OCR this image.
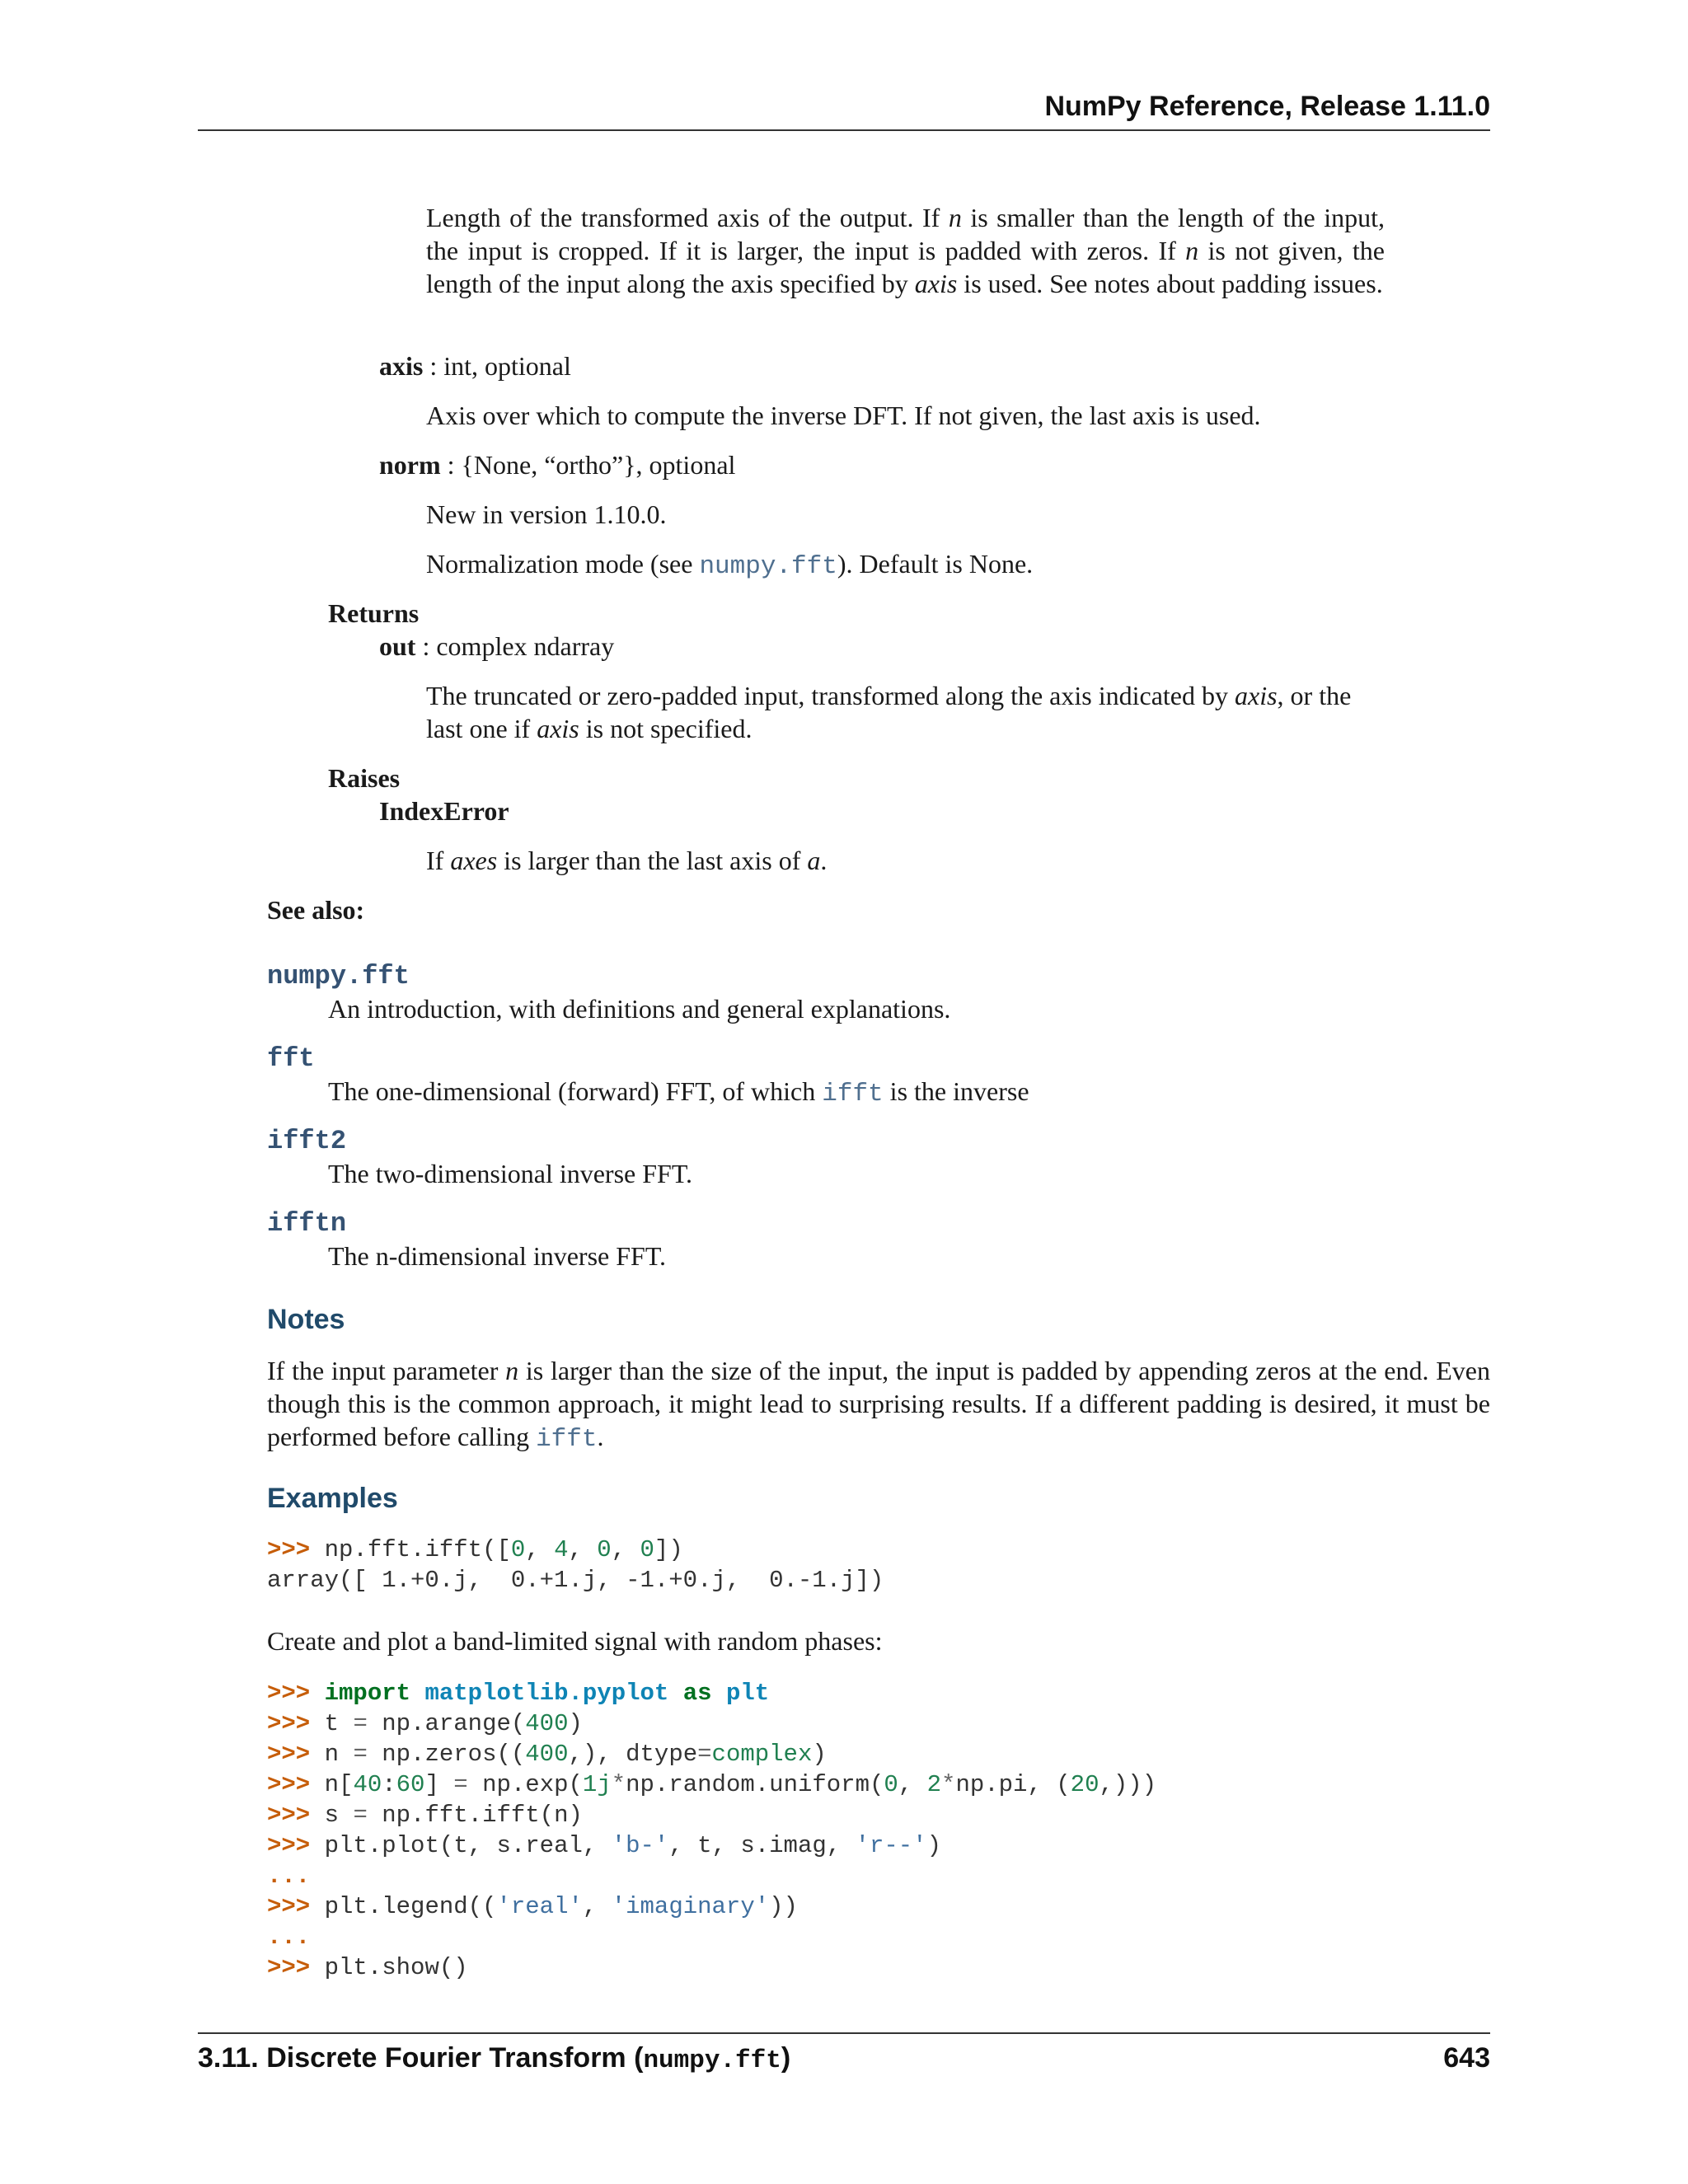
NumPy Reference, Release 1.11.0
Length of the transformed axis of the output. If n is smaller than the length of the input, the input is cropped. If it is larger, the input is padded with zeros. If n is not given, the length of the input along the axis specified by axis is used. See notes about padding issues.
axis : int, optional
Axis over which to compute the inverse DFT. If not given, the last axis is used.
norm : {None, “ortho”}, optional
New in version 1.10.0.
Normalization mode (see numpy.fft). Default is None.
Returns
out : complex ndarray
The truncated or zero-padded input, transformed along the axis indicated by axis, or the last one if axis is not specified.
Raises
IndexError
If axes is larger than the last axis of a.
See also:
numpy.fft
An introduction, with definitions and general explanations.
fft
The one-dimensional (forward) FFT, of which ifft is the inverse
ifft2
The two-dimensional inverse FFT.
ifftn
The n-dimensional inverse FFT.
Notes
If the input parameter n is larger than the size of the input, the input is padded by appending zeros at the end. Even though this is the common approach, it might lead to surprising results. If a different padding is desired, it must be performed before calling ifft.
Examples
>>> np.fft.ifft([0, 4, 0, 0])
array([ 1.+0.j,  0.+1.j, -1.+0.j,  0.-1.j])
Create and plot a band-limited signal with random phases:
>>> import matplotlib.pyplot as plt
>>> t = np.arange(400)
>>> n = np.zeros((400,), dtype=complex)
>>> n[40:60] = np.exp(1j*np.random.uniform(0, 2*np.pi, (20,)))
>>> s = np.fft.ifft(n)
>>> plt.plot(t, s.real, 'b-', t, s.imag, 'r--')
...
>>> plt.legend(('real', 'imaginary'))
...
>>> plt.show()
3.11. Discrete Fourier Transform (numpy.fft)	643
